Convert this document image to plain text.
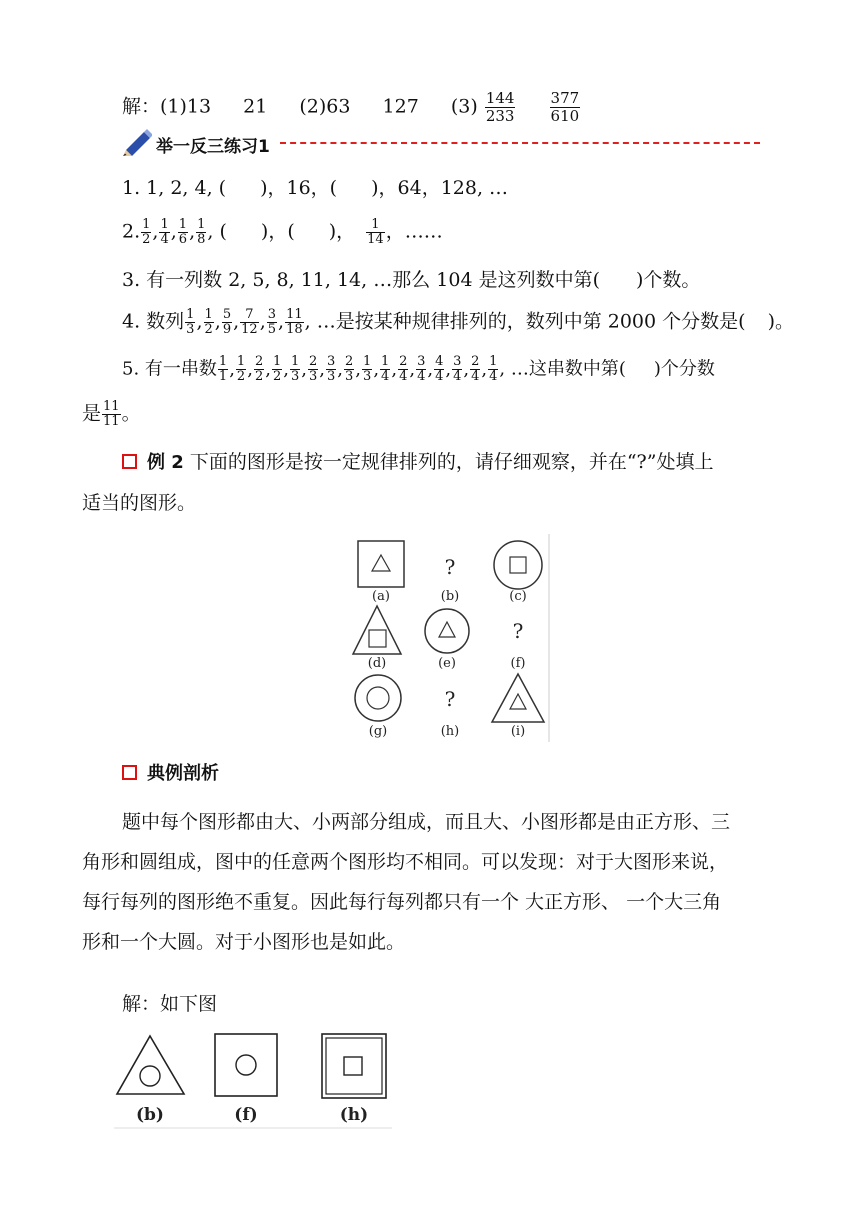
解：(1)13 21 (2)63 127 $(3) \frac{144}{233}$
$\frac{377}{610}$
举一反三练习1
1. 1, 2, 4, ( )，16，( )，64，128, …
2. $\frac{1}{2}$ , $\frac{1}{4}$ , $\frac{1}{6}$ , $\frac{1}{8}$ , ( )，( )， $\frac{1}{14}$ ，……
3. 有一列数 2, 5, 8, 11, 14, …那么 104 是这列数中第( )个数。
4. 数列 $\frac{1}{3}$ , $\frac{1}{2}$ , $\frac{5}{9}$ , $\frac{7}{12}$ , $\frac{3}{5}$ , $\frac{11}{18}$ , …是按某种规律排列的，数列中第 2000 个分数是( )。
5. 有一串数 $\frac{1}{1}$ , $\frac{1}{2}$ , $\frac{2}{2}$ , $\frac{1}{2}$ , $\frac{1}{3}$ , $\frac{2}{3}$ , $\frac{3}{3}$ , $\frac{2}{3}$ , $\frac{1}{3}$ , $\frac{1}{4}$ , $\frac{2}{4}$ , $\frac{3}{4}$ , $\frac{4}{4}$ , $\frac{3}{4}$ , $\frac{2}{4}$ , $\frac{1}{4}$ , …这串数中第( )个分数
是 $\frac{11}{11}$ 。
例 2 下面的图形是按一定规律排列的，请仔细观察，并在“?”处填上
适当的图形。
?
(a)	(b)	(c)
?
(d)	(e)	(f)
?
(g)	(h)	(i)
典例剖析
题中每个图形都由大、小两部分组成，而且大、小图形都是由正方形、三
角形和圆组成，图中的任意两个图形均不相同。可以发现：对于大图形来说，
每行每列的图形绝不重复。因此每行每列都只有一个 大正方形、 一个大三角
形和一个大圆。对于小图形也是如此。
解：如下图
(b)	(f)	(h)
